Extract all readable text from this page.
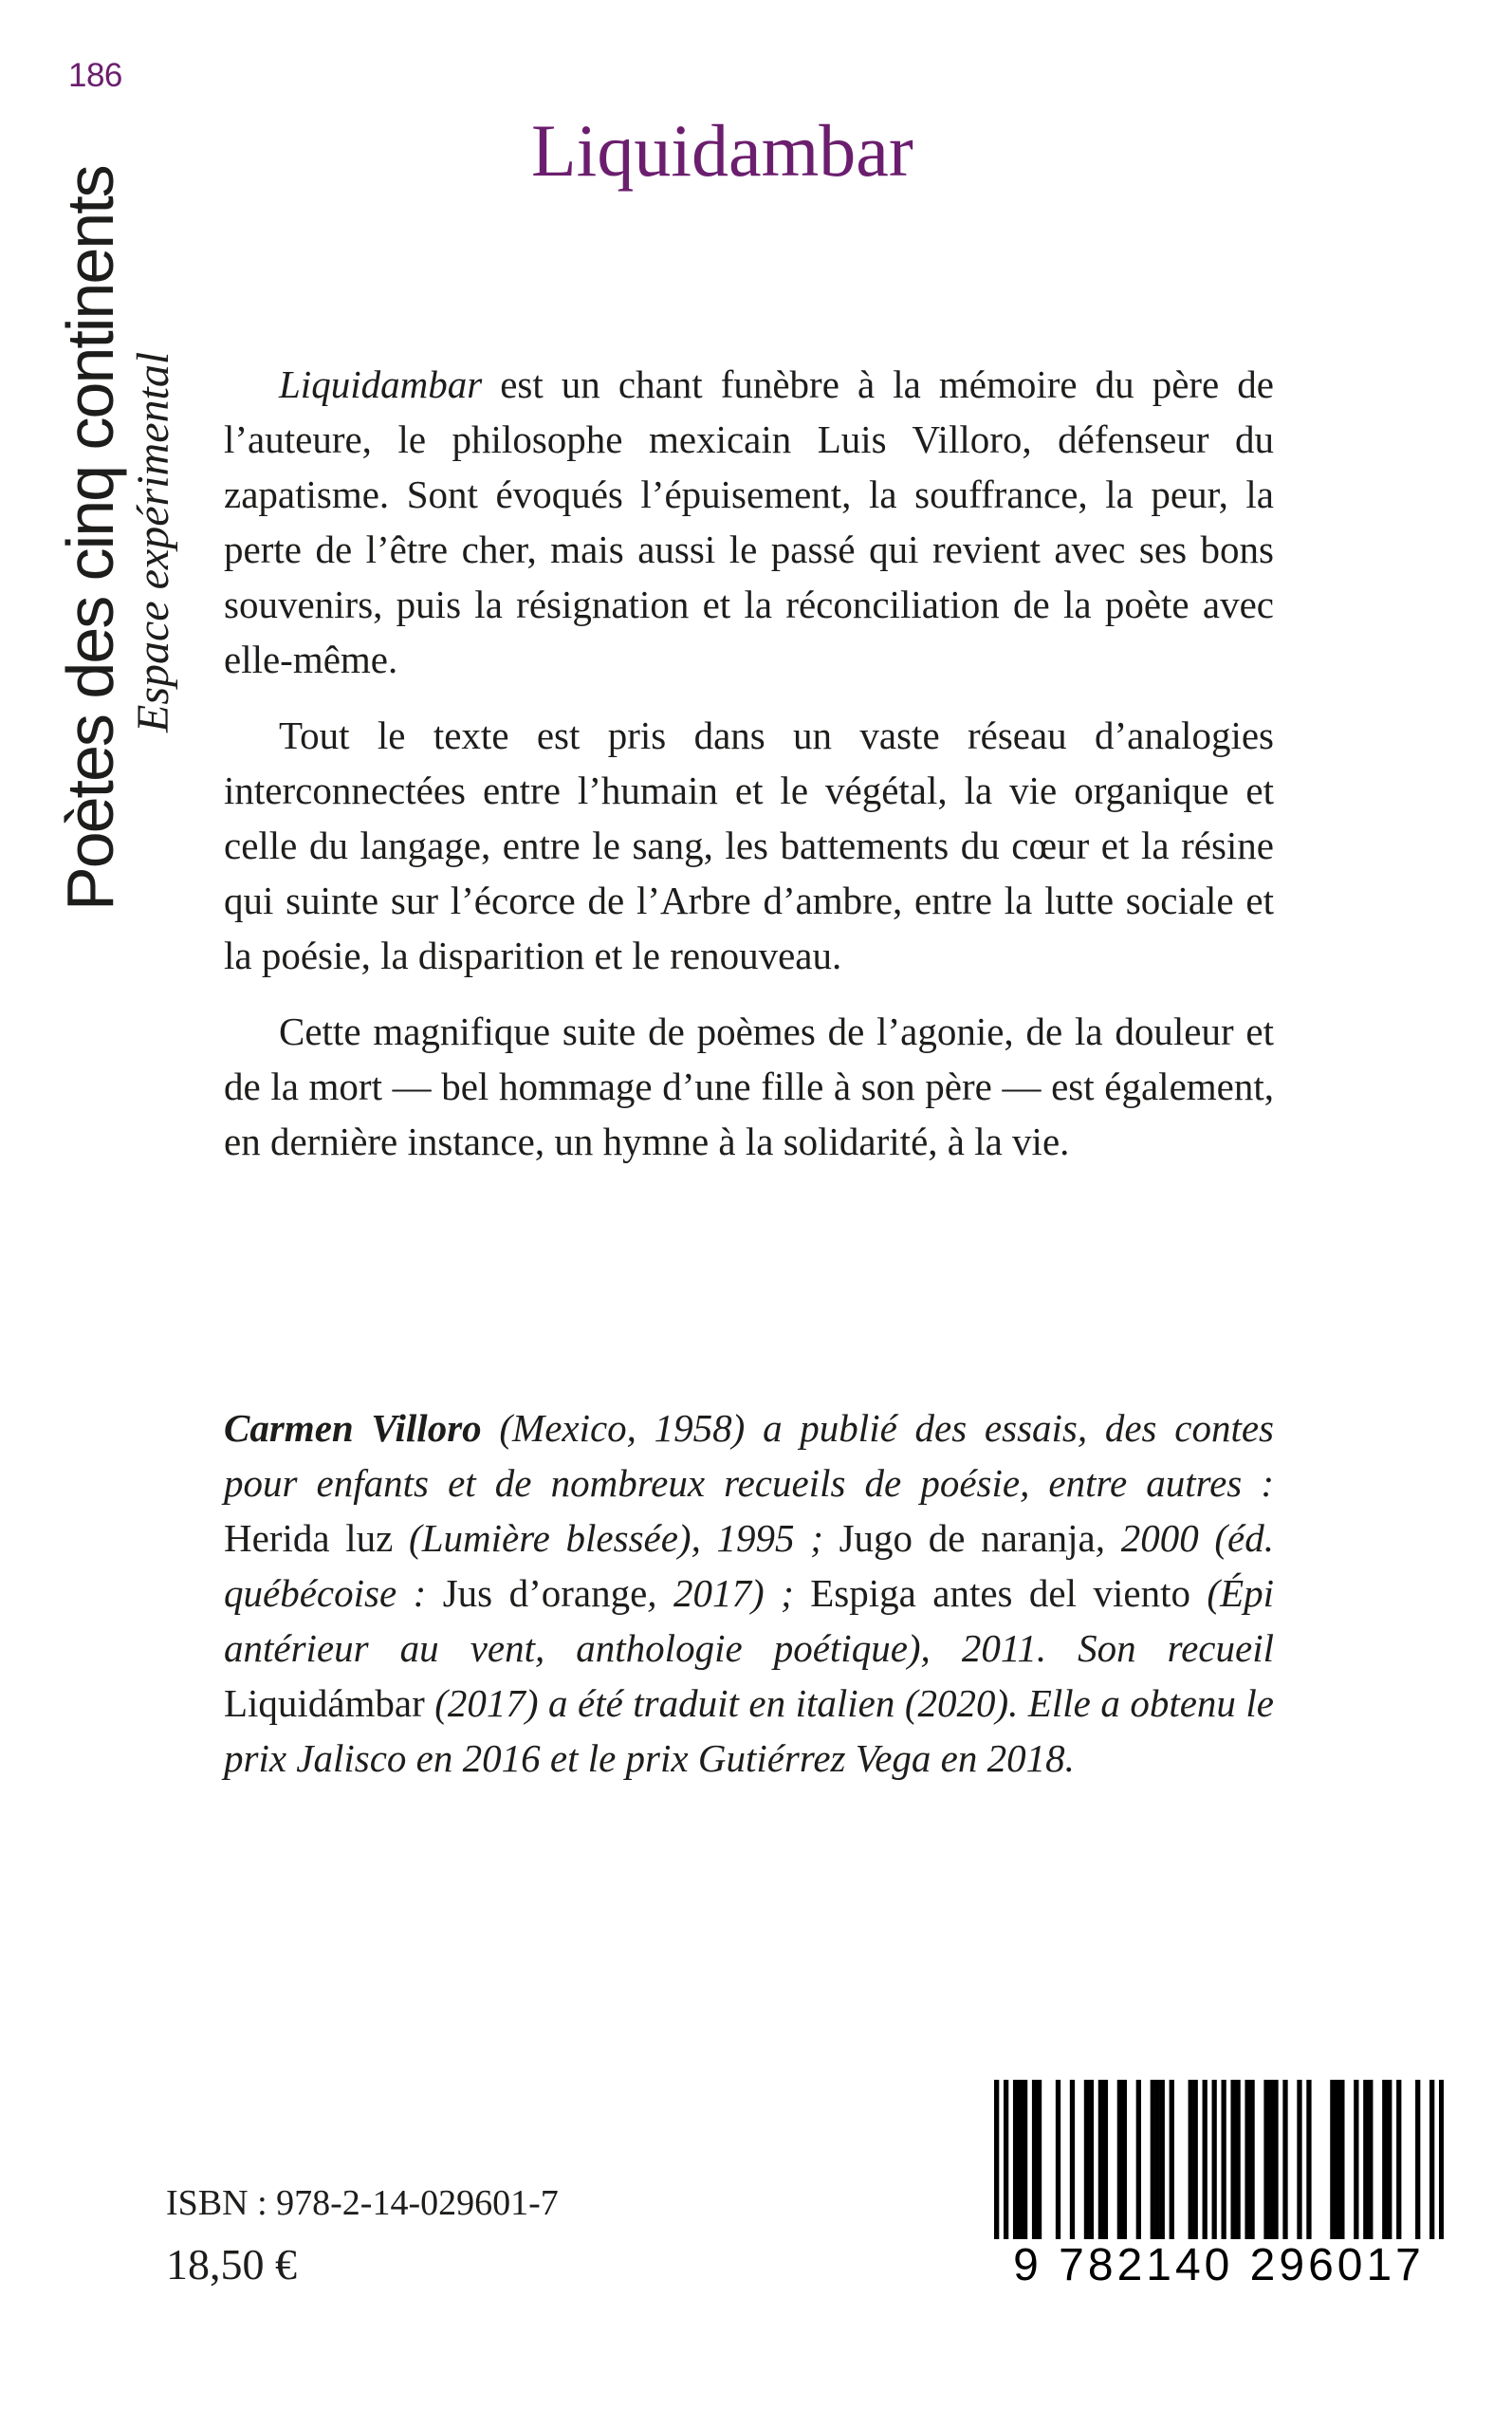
186
Poètes des cinq continents Espace expérimental
Liquidambar

Liquidambar est un chant funèbre à la mémoire du père de l’auteure, le philosophe mexicain Luis Villoro, défenseur du zapatisme. Sont évoqués l’épuisement, la souffrance, la peur, la perte de l’être cher, mais aussi le passé qui revient avec ses bons souvenirs, puis la résignation et la réconciliation de la poète avec elle-même.

Tout le texte est pris dans un vaste réseau d’analogies interconnectées entre l’humain et le végétal, la vie organique et celle du langage, entre le sang, les battements du cœur et la résine qui suinte sur l’écorce de l’Arbre d’ambre, entre la lutte sociale et la poésie, la disparition et le renouveau.

Cette magnifique suite de poèmes de l’agonie, de la douleur et de la mort — bel hommage d’une fille à son père — est également, en dernière instance, un hymne à la solidarité, à la vie.

Carmen Villoro (Mexico, 1958) a publié des essais, des contes pour enfants et de nombreux recueils de poésie, entre autres : Herida luz (Lumière blessée), 1995 ; Jugo de naranja, 2000 (éd. québécoise : Jus d’orange, 2017) ; Espiga antes del viento (Épi antérieur au vent, anthologie poétique), 2011. Son recueil Liquidámbar (2017) a été traduit en italien (2020). Elle a obtenu le prix Jalisco en 2016 et le prix Gutiérrez Vega en 2018.

ISBN : 978-2-14-029601-7
18,50 €	9 782140 296017
